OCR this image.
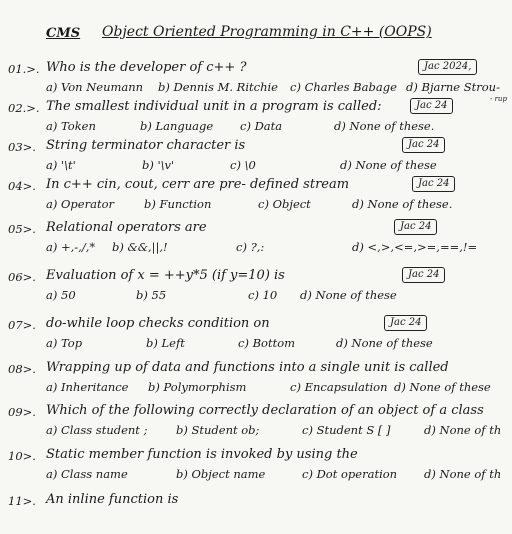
CMS Object Oriented Programming in C++ (OOPS)
01.>. Who is the developer of c++ ?	Jac 2024,
a) Von Neumann b) Dennis M. Ritchie c) Charles Babage d) Bjarne Strou-
02.>. The smallest individual unit in a program is called:	Jac 24
a) Token	b) Language c) Data	d) None of these.
03>. String terminator character is	Jac 24
a) '\t'	b) '\v'	c) \0	d) None of these
04>. In c++ cin, cout, cerr are pre- defined stream	Jac 24
a) Operator	b) Function	c) Object	d) None of these.
05>. Relational operators are	Jac 24
a) +,-,/,* b) &&,||,!	c) ?,:	d) <,>,<=,>=,==,!=
06>. Evaluation of x = ++y*5 (if y=10) is	Jac 24
a) 50	b) 55	c) 10 d) None of these
07>. do-while loop checks condition on	Jac 24
a) Top	b) Left	c) Bottom	d) None of these
08>. Wrapping up of data and functions into a single unit is called
a) Inheritance b) Polymorphism	c) Encapsulation d) None of these
09>. Which of the following correctly declaration of an object of a class
a) Class student ; b) Student ob;	c) Student S [ ]	d) None of th
10>. Static member function is invoked by using the
a) Class name	b) Object name	c) Dot operation d) None of th
11>. An inline function is
- rup
